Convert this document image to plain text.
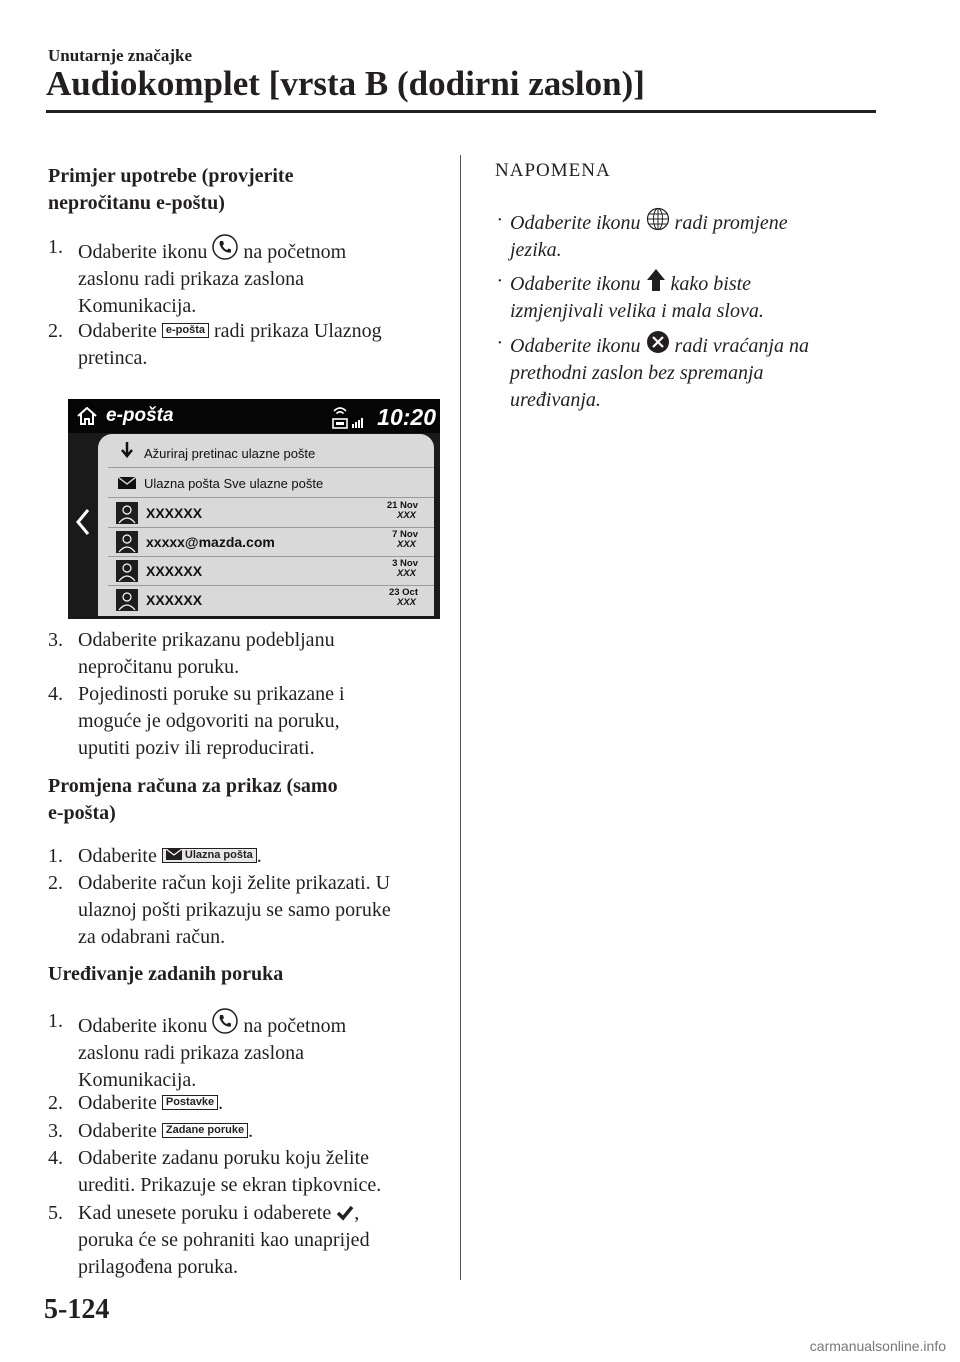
Unutarnje značajke
Audiokomplet [vrsta B (dodirni zaslon)]
Primjer upotrebe (provjerite
nepročitanu e-poštu)
1. Odaberite ikonu na početnom
zaslonu radi prikaza zaslona
Komunikacija.
2. Odaberite e-pošta radi prikaza Ulaznog
pretinca.
e-pošta	10:20
Ažuriraj pretinac ulazne pošte
Ulazna pošta Sve ulazne pošte
XXXXXX	21 Nov
XXX
xxxxx@mazda.com	7 Nov
XXX
XXXXXX	3 Nov
XXX
XXXXXX	23 Oct
XXX
3. Odaberite prikazanu podebljanu
nepročitanu poruku.
4. Pojedinosti poruke su prikazane i
moguće je odgovoriti na poruku,
uputiti poziv ili reproducirati.
Promjena računa za prikaz (samo
e-pošta)
1. Odaberite	Ulazna pošta .
2. Odaberite račun koji želite prikazati. U
ulaznoj pošti prikazuju se samo poruke
za odabrani račun.
Uređivanje zadanih poruka
1. Odaberite ikonu na početnom
zaslonu radi prikaza zaslona
Komunikacija.
2. Odaberite Postavke .
3. Odaberite Zadane poruke .
4. Odaberite zadanu poruku koju želite
urediti. Prikazuje se ekran tipkovnice.
5. Kad unesete poruku i odaberete ,
poruka će se pohraniti kao unaprijed
prilagođena poruka.
NAPOMENA
· Odaberite ikonu radi promjene
jezika.
· Odaberite ikonu kako biste
izmjenjivali velika i mala slova.
· Odaberite ikonu radi vraćanja na
prethodni zaslon bez spremanja
uređivanja.
5-124
carmanualsonline.info
